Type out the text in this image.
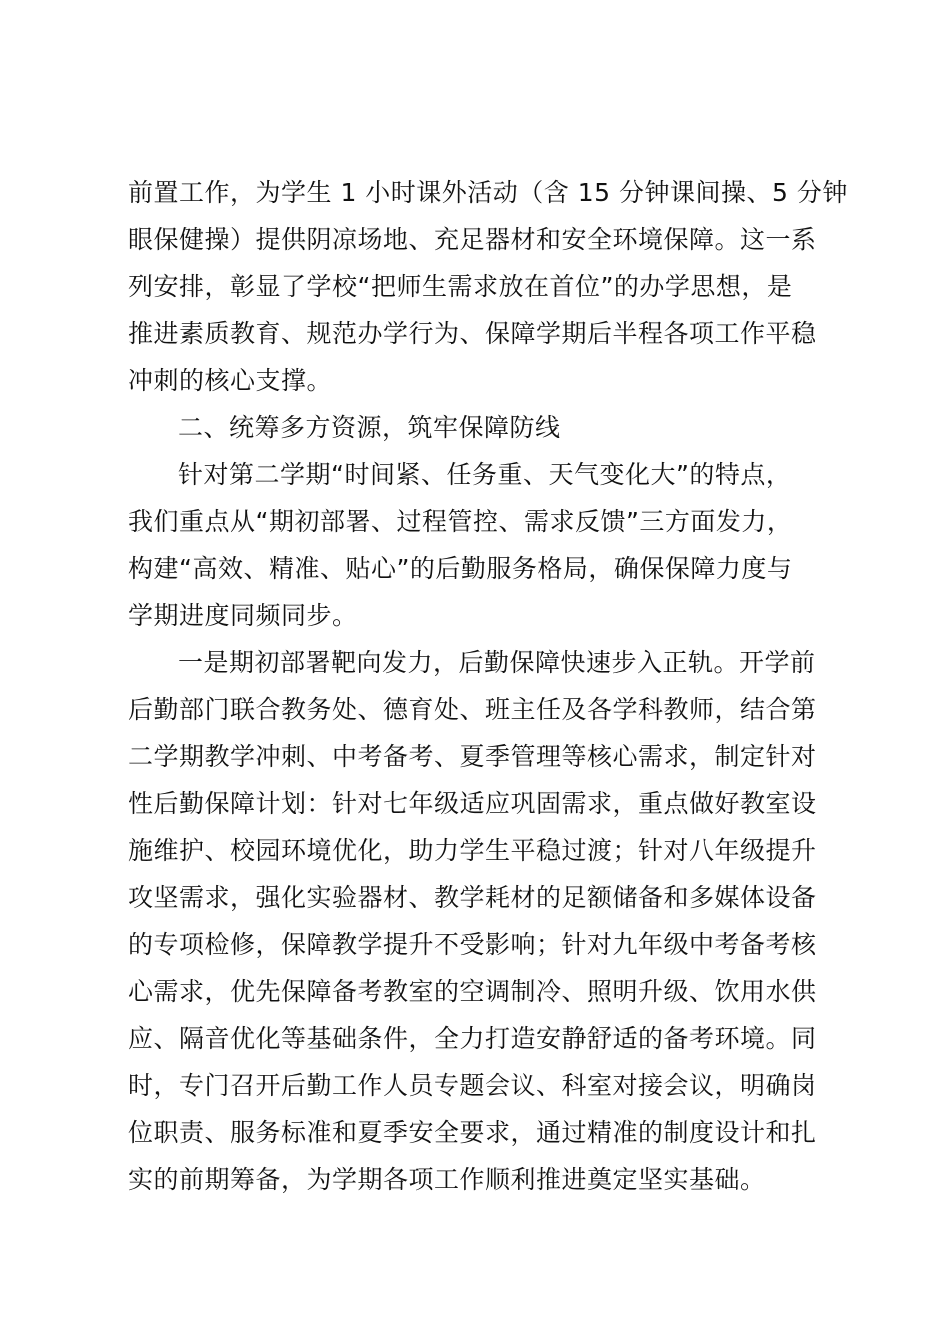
前置工作，为学生 1 小时课外活动（含 15 分钟课间操、5 分钟
眼保健操）提供阴凉场地、充足器材和安全环境保障。这一系
列安排，彰显了学校“把师生需求放在首位”的办学思想，是
推进素质教育、规范办学行为、保障学期后半程各项工作平稳
冲刺的核心支撑。
二、统筹多方资源，筑牢保障防线
针对第二学期“时间紧、任务重、天气变化大”的特点，
我们重点从“期初部署、过程管控、需求反馈”三方面发力，
构建“高效、精准、贴心”的后勤服务格局，确保保障力度与
学期进度同频同步。
一是期初部署靶向发力，后勤保障快速步入正轨。开学前
后勤部门联合教务处、德育处、班主任及各学科教师，结合第
二学期教学冲刺、中考备考、夏季管理等核心需求，制定针对
性后勤保障计划：针对七年级适应巩固需求，重点做好教室设
施维护、校园环境优化，助力学生平稳过渡；针对八年级提升
攻坚需求，强化实验器材、教学耗材的足额储备和多媒体设备
的专项检修，保障教学提升不受影响；针对九年级中考备考核
心需求，优先保障备考教室的空调制冷、照明升级、饮用水供
应、隔音优化等基础条件，全力打造安静舒适的备考环境。同
时，专门召开后勤工作人员专题会议、科室对接会议，明确岗
位职责、服务标准和夏季安全要求，通过精准的制度设计和扎
实的前期筹备，为学期各项工作顺利推进奠定坚实基础。
